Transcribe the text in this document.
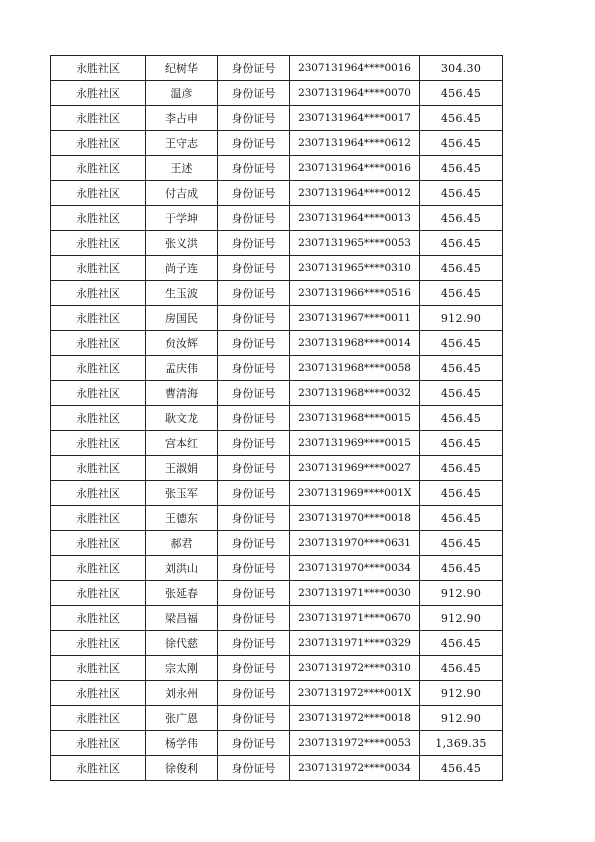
永胜社区	纪树华	身份证号	2307131964****0016	304.30
永胜社区	温彦	身份证号	2307131964****0070	456.45
永胜社区	李占申	身份证号	2307131964****0017	456.45
永胜社区	王守志	身份证号	2307131964****0612	456.45
永胜社区	王述	身份证号	2307131964****0016	456.45
永胜社区	付吉成	身份证号	2307131964****0012	456.45
永胜社区	于学坤	身份证号	2307131964****0013	456.45
永胜社区	张义洪	身份证号	2307131965****0053	456.45
永胜社区	尚子连	身份证号	2307131965****0310	456.45
永胜社区	生玉波	身份证号	2307131966****0516	456.45
永胜社区	房国民	身份证号	2307131967****0011	912.90
永胜社区	贠汝辉	身份证号	2307131968****0014	456.45
永胜社区	孟庆伟	身份证号	2307131968****0058	456.45
永胜社区	曹清海	身份证号	2307131968****0032	456.45
永胜社区	耿文龙	身份证号	2307131968****0015	456.45
永胜社区	宫本红	身份证号	2307131969****0015	456.45
永胜社区	王淑娟	身份证号	2307131969****0027	456.45
永胜社区	张玉军	身份证号	2307131969****001X	456.45
永胜社区	王德东	身份证号	2307131970****0018	456.45
永胜社区	郝君	身份证号	2307131970****0631	456.45
永胜社区	刘洪山	身份证号	2307131970****0034	456.45
永胜社区	张延春	身份证号	2307131971****0030	912.90
永胜社区	梁昌福	身份证号	2307131971****0670	912.90
永胜社区	徐代慈	身份证号	2307131971****0329	456.45
永胜社区	宗太刚	身份证号	2307131972****0310	456.45
永胜社区	刘永州	身份证号	2307131972****001X	912.90
永胜社区	张广恩	身份证号	2307131972****0018	912.90
永胜社区	杨学伟	身份证号	2307131972****0053	1,369.35
永胜社区	徐俊利	身份证号	2307131972****0034	456.45
